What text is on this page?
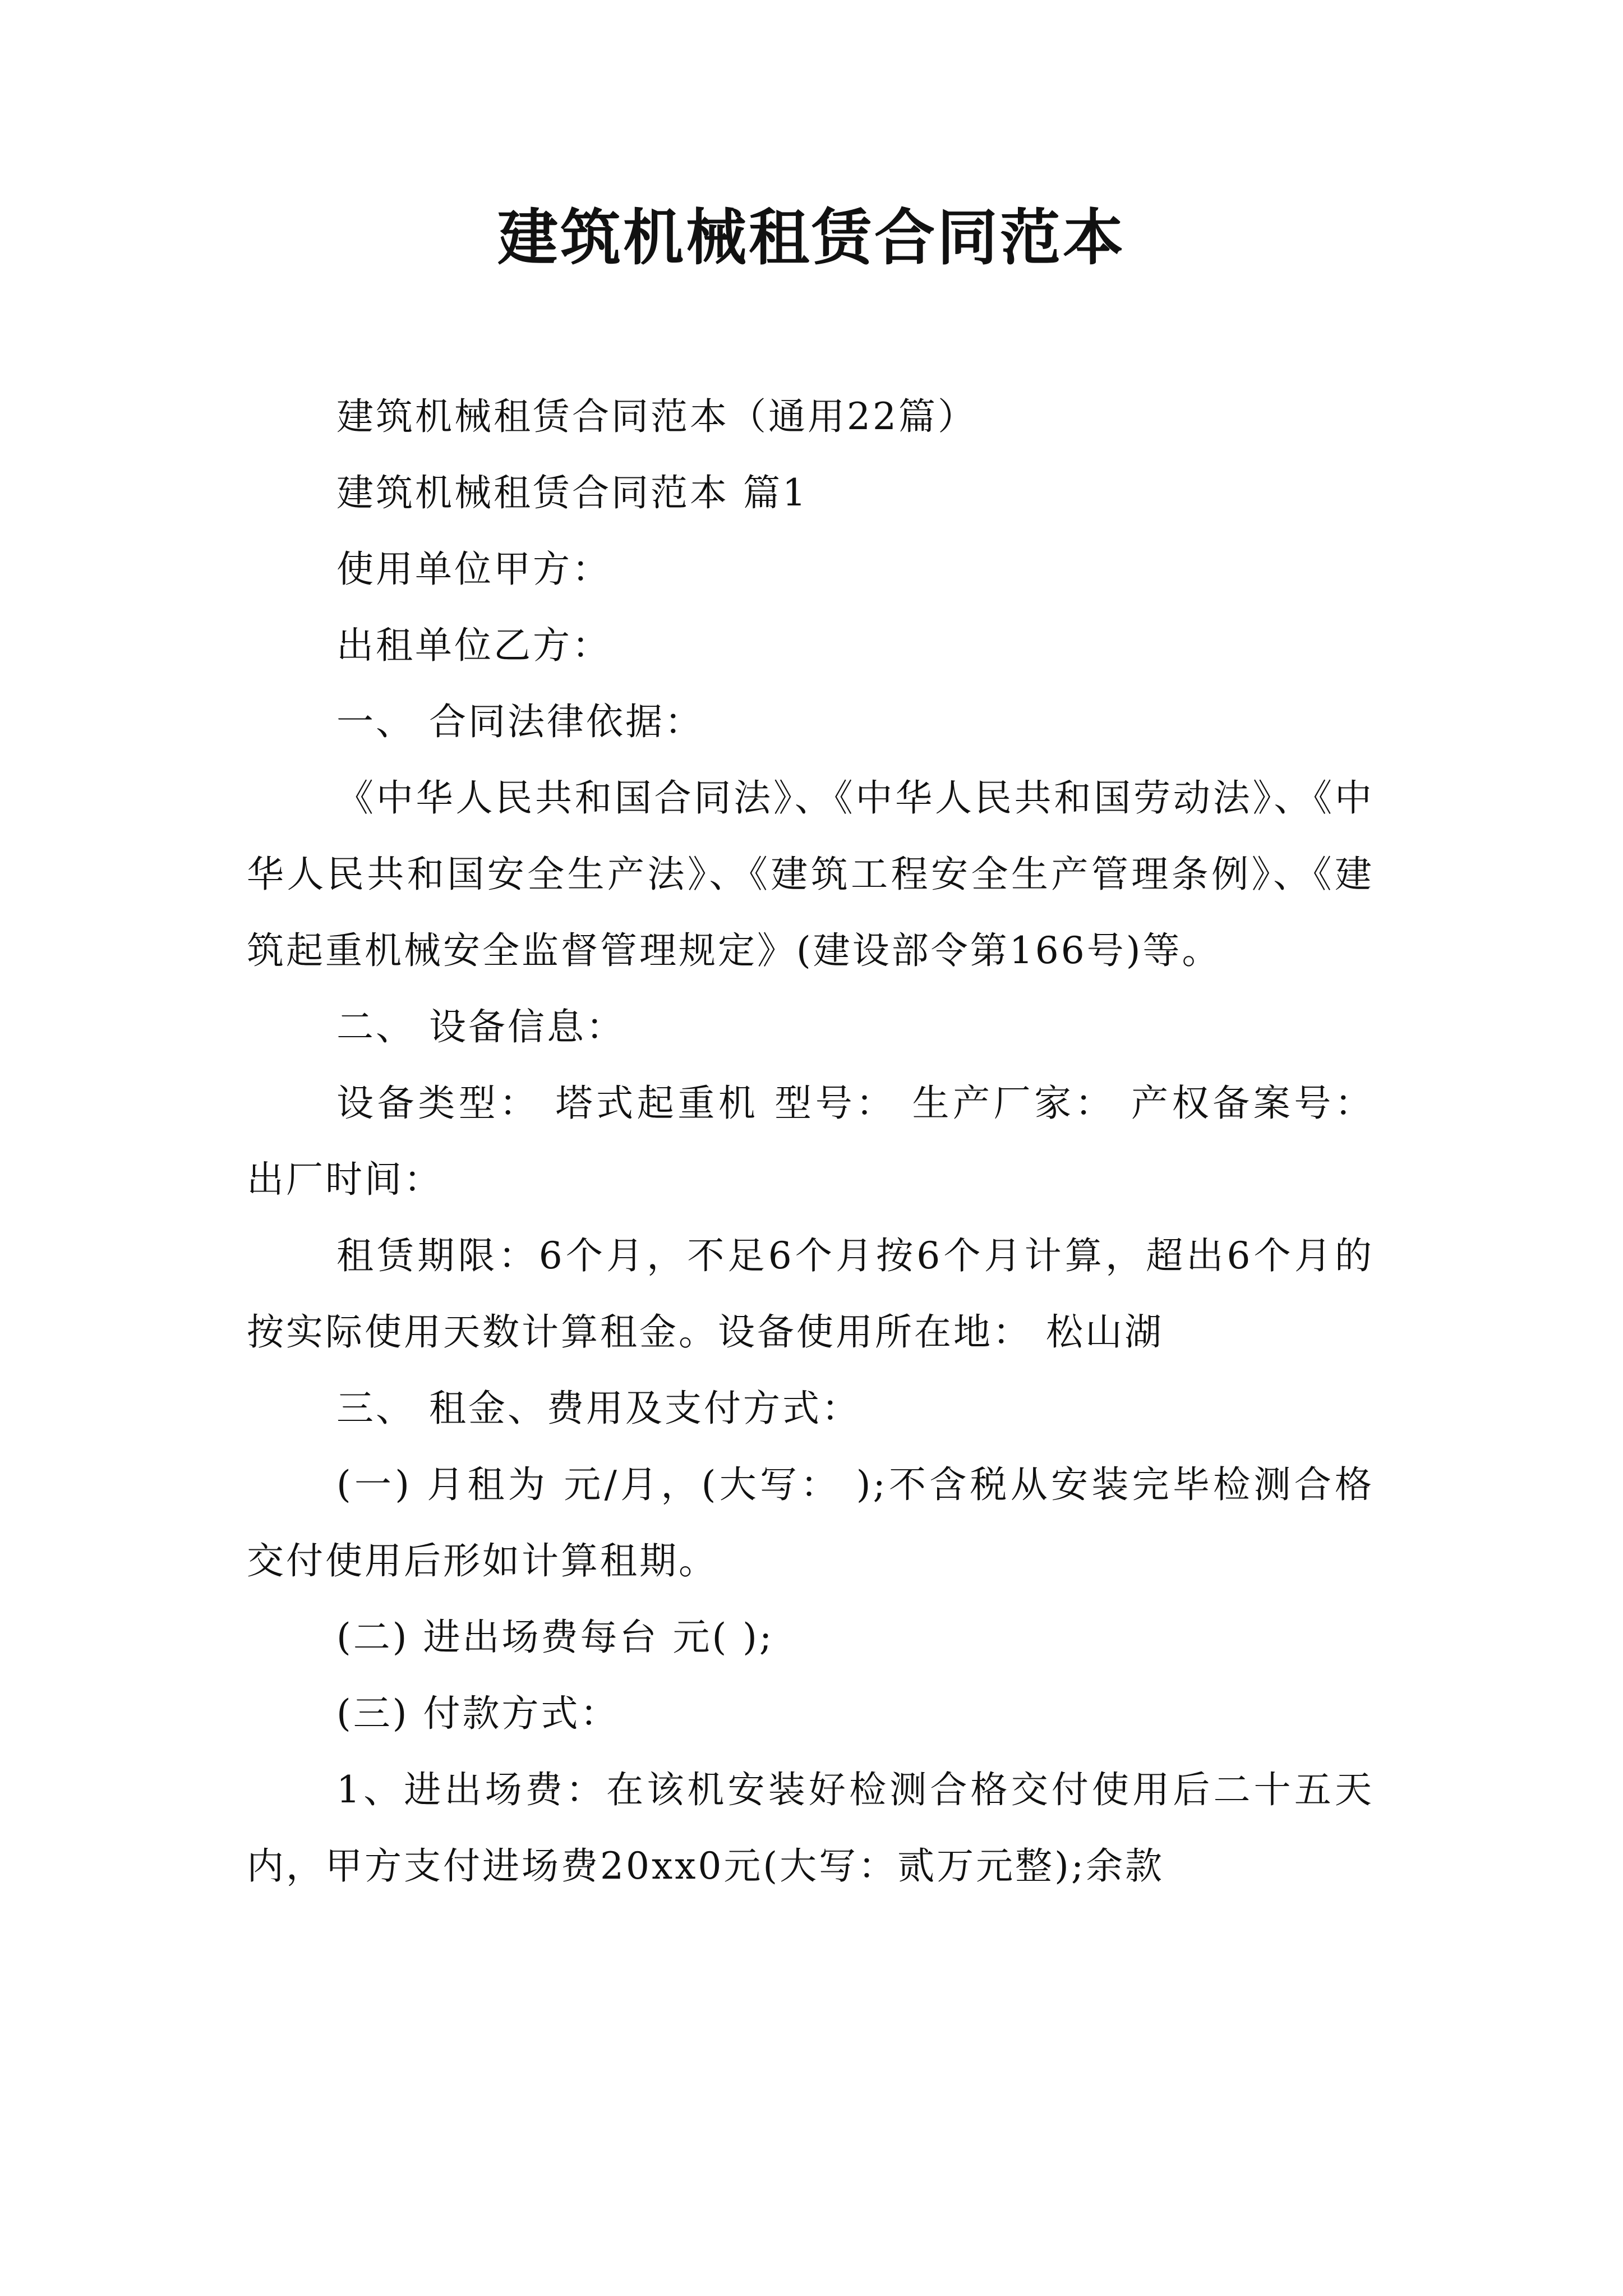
建筑机械租赁合同范本

建筑机械租赁合同范本（通用22篇）

建筑机械租赁合同范本 篇1

使用单位甲方：

出租单位乙方：

一、 合同法律依据：

《中华人民共和国合同法》、《中华人民共和国劳动法》、《中华人民共和国安全生产法》、《建筑工程安全生产管理条例》、《建筑起重机械安全监督管理规定》(建设部令第166号)等。

二、 设备信息：

设备类型： 塔式起重机 型号： 生产厂家： 产权备案号： 出厂时间：

租赁期限：6个月，不足6个月按6个月计算，超出6个月的按实际使用天数计算租金。设备使用所在地： 松山湖

三、 租金、费用及支付方式：

(一) 月租为 元/月，(大写： );不含税从安装完毕检测合格交付使用后形如计算租期。

(二) 进出场费每台 元( );

(三) 付款方式：

1、进出场费：在该机安装好检测合格交付使用后二十五天内，甲方支付进场费20xx0元(大写：贰万元整);余款
